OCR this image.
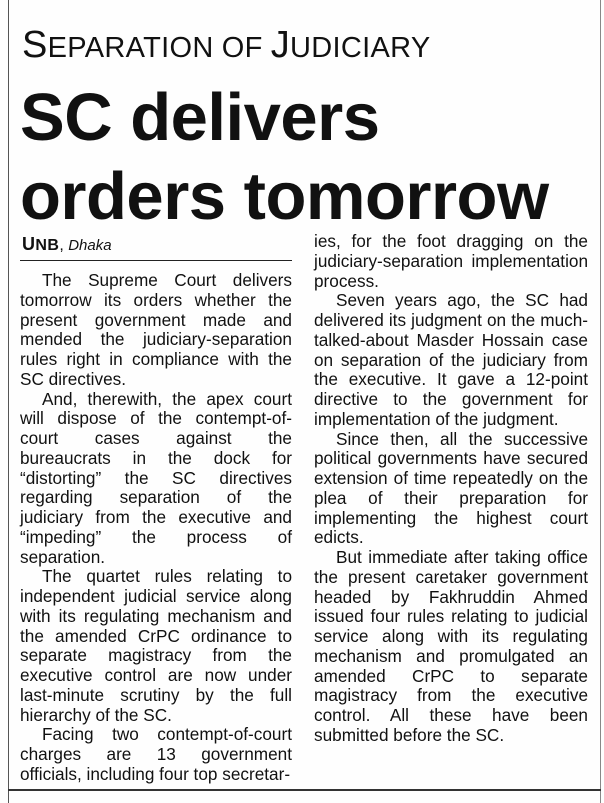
SEPARATION OF JUDICIARY
SC delivers orders tomorrow
UNB, Dhaka

The Supreme Court delivers tomorrow its orders whether the present government made and mended the judiciary-separation rules right in compliance with the SC directives.

And, therewith, the apex court will dispose of the contempt-of-court cases against the bureaucrats in the dock for “distorting” the SC directives regarding separation of the judiciary from the executive and “impeding” the process of separation.

The quartet rules relating to independent judicial service along with its regulating mechanism and the amended CrPC ordinance to separate magistracy from the executive control are now under last-minute scrutiny by the full hierarchy of the SC.

Facing two contempt-of-court charges are 13 government officials, including four top secretar-

ies, for the foot dragging on the judiciary-separation implementation process.

Seven years ago, the SC had delivered its judgment on the much-talked-about Masder Hossain case on separation of the judiciary from the executive. It gave a 12-point directive to the government for implementation of the judgment.

Since then, all the successive political governments have secured extension of time repeatedly on the plea of their preparation for implementing the highest court edicts.

But immediate after taking office the present caretaker government headed by Fakhruddin Ahmed issued four rules relating to judicial service along with its regulating mechanism and promulgated an amended CrPC to separate magistracy from the executive control. All these have been submitted before the SC.
